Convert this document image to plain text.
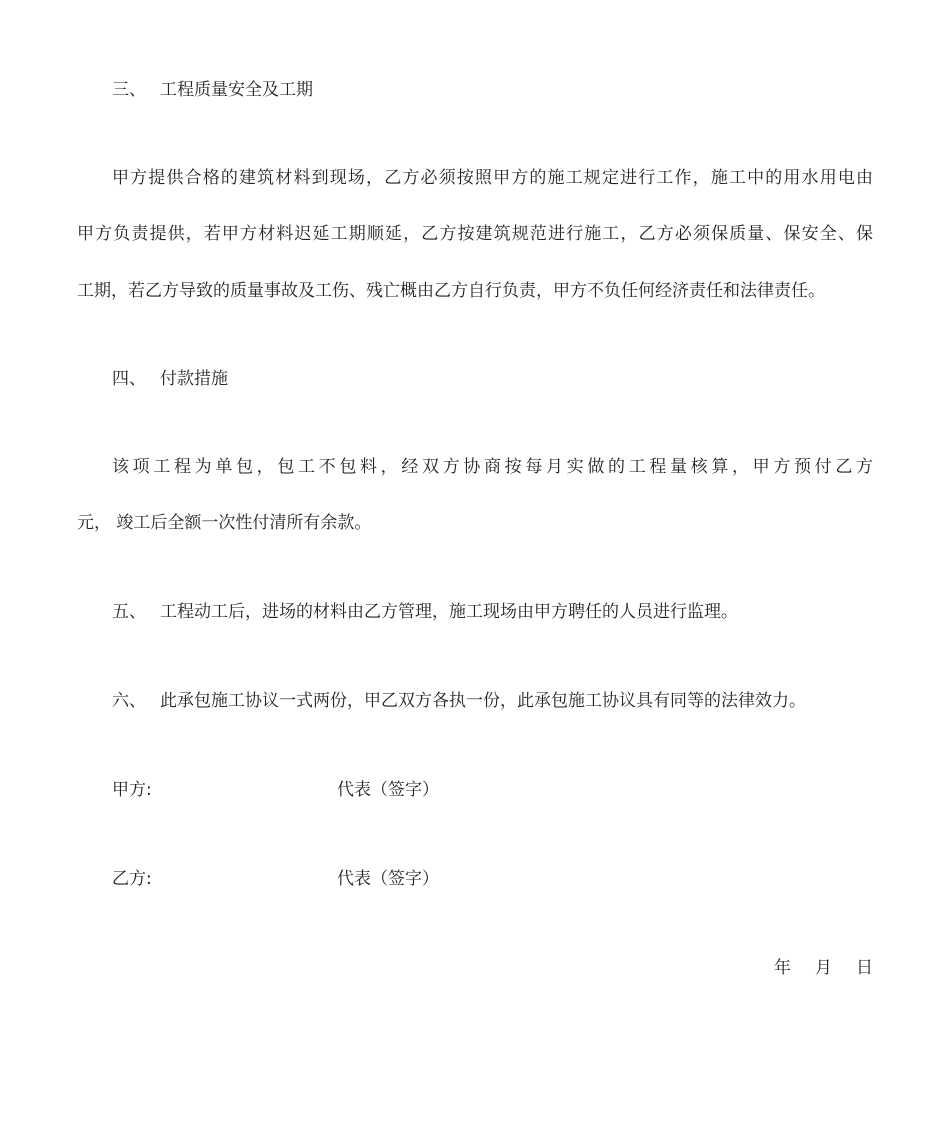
三、 工程质量安全及工期
甲方提供合格的建筑材料到现场，乙方必须按照甲方的施工规定进行工作，施工中的用水用电由
甲方负责提供，若甲方材料迟延工期顺延，乙方按建筑规范进行施工，乙方必须保质量、保安全、保
工期，若乙方导致的质量事故及工伤、残亡概由乙方自行负责，甲方不负任何经济责任和法律责任。
四、 付款措施
该项工程为单包，包工不包料，经双方协商按每月实做的工程量核算，甲方预付乙方
元， 竣工后全额一次性付清所有余款。
五、 工程动工后，进场的材料由乙方管理，施工现场由甲方聘任的人员进行监理。
六、 此承包施工协议一式两份，甲乙双方各执一份，此承包施工协议具有同等的法律效力。
甲方:	代表（签字）
乙方:	代表（签字）
年 月 日
